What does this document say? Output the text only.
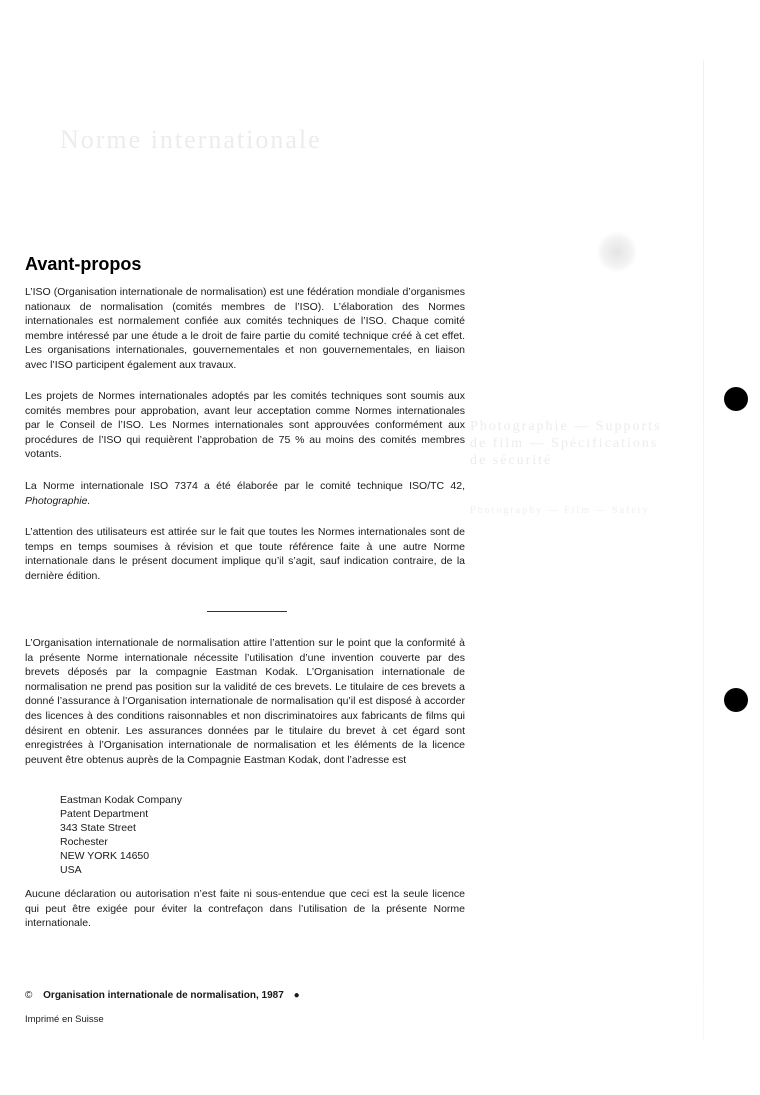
Norme internationale
Photographie — Supports
de film — Spécifications
de sécurité
Photography — Film — Safety
Avant-propos

L’ISO (Organisation internationale de normalisation) est une fédération mondiale d’organismes nationaux de normalisation (comités membres de l’ISO). L’élaboration des Normes internationales est normalement confiée aux comités techniques de l’ISO. Chaque comité membre intéressé par une étude a le droit de faire partie du comité technique créé à cet effet. Les organisations internationales, gouvernementales et non gouvernementales, en liaison avec l’ISO participent également aux travaux.

Les projets de Normes internationales adoptés par les comités techniques sont soumis aux comités membres pour approbation, avant leur acceptation comme Normes internationales par le Conseil de l’ISO. Les Normes internationales sont approuvées conformément aux procédures de l’ISO qui requièrent l’approbation de 75 % au moins des comités membres votants.

La Norme internationale ISO 7374 a été élaborée par le comité technique ISO/TC 42, Photographie.

L’attention des utilisateurs est attirée sur le fait que toutes les Normes internationales sont de temps en temps soumises à révision et que toute référence faite à une autre Norme internationale dans le présent document implique qu’il s’agit, sauf indication contraire, de la dernière édition.

L’Organisation internationale de normalisation attire l’attention sur le point que la conformité à la présente Norme internationale nécessite l’utilisation d’une invention couverte par des brevets déposés par la compagnie Eastman Kodak. L’Organisation internationale de normalisation ne prend pas position sur la validité de ces brevets. Le titulaire de ces brevets a donné l’assurance à l’Organisation internationale de normalisation qu’il est disposé à accorder des licences à des conditions raisonnables et non discriminatoires aux fabricants de films qui désirent en obtenir. Les assurances données par le titulaire du brevet à cet égard sont enregistrées à l’Organisation internationale de normalisation et les éléments de la licence peuvent être obtenus auprès de la Compagnie Eastman Kodak, dont l’adresse est

Eastman Kodak Company
Patent Department
343 State Street
Rochester
NEW YORK 14650
USA

Aucune déclaration ou autorisation n’est faite ni sous-entendue que ceci est la seule licence qui peut être exigée pour éviter la contrefaçon dans l’utilisation de la présente Norme internationale.

© Organisation internationale de normalisation, 1987 ●
Imprimé en Suisse
